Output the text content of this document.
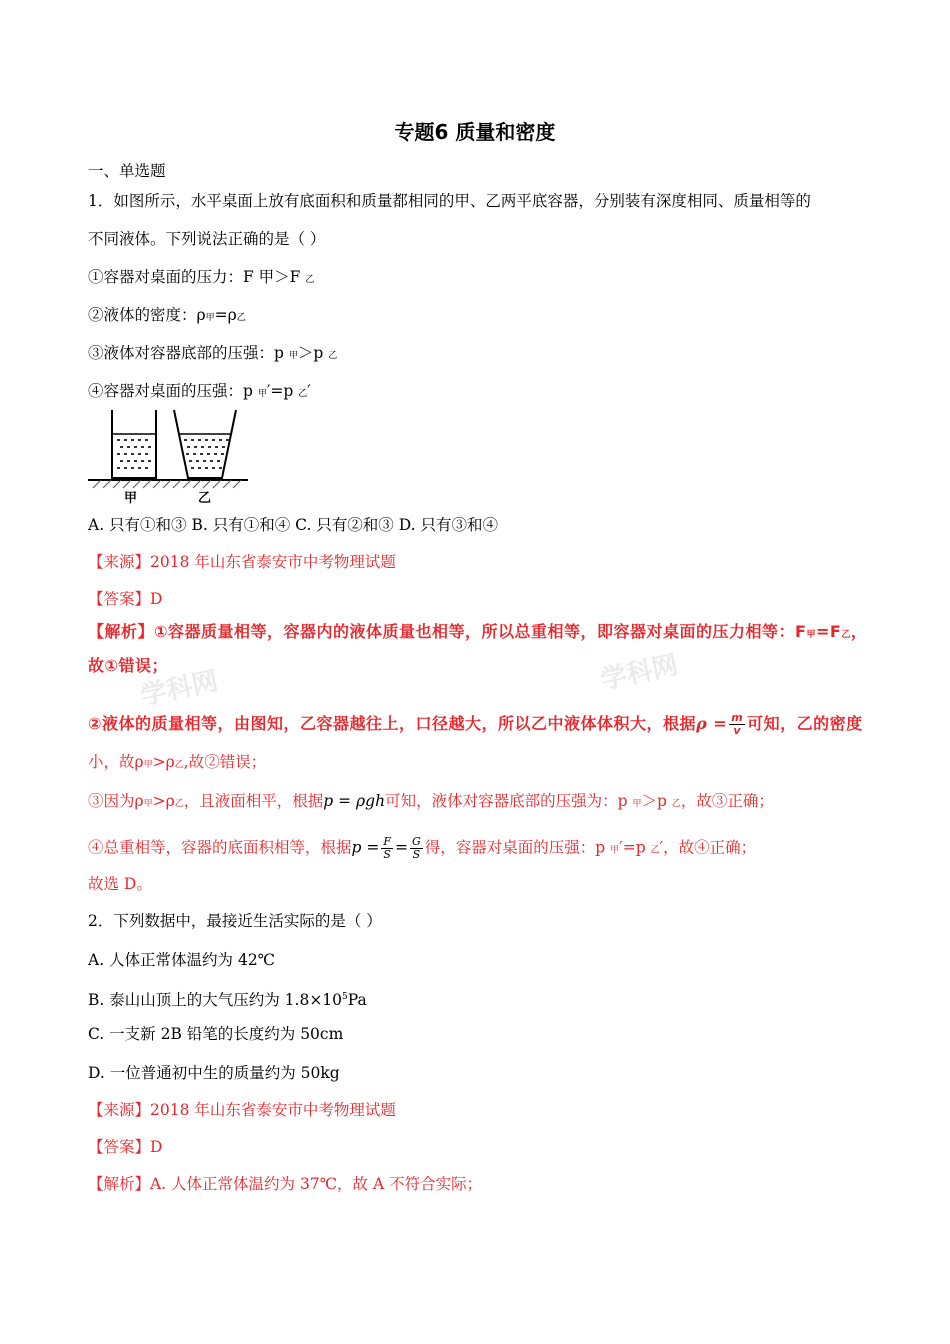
专题6 质量和密度
一、单选题
1．如图所示，水平桌面上放有底面积和质量都相同的甲、乙两平底容器，分别装有深度相同、质量相等的
不同液体。下列说法正确的是（ ）
①容器对桌面的压力：F 甲＞F 乙
②液体的密度：ρ甲=ρ乙
③液体对容器底部的压强：p 甲＞p 乙
④容器对桌面的压强：p 甲′=p 乙′
甲	乙
A. 只有①和③ B. 只有①和④ C. 只有②和③ D. 只有③和④
【来源】2018 年山东省泰安市中考物理试题
【答案】D
【解析】①容器质量相等，容器内的液体质量也相等，所以总重相等，即容器对桌面的压力相等：F甲=F乙，
故①错误；
学科网	学科网
②液体的质量相等，由图知，乙容器越往上，口径越大，所以乙中液体体积大，根据$\rho = \frac{m}{v}$ 可知，乙的密度
小，故ρ甲>ρ乙,故②错误；
③因为ρ甲>ρ乙，且液面相平，根据p = ρgh可知，液体对容器底部的压强为：p 甲＞p 乙，故③正确；
④总重相等，容器的底面积相等，根据$p = \frac{F}{S} = \frac{G}{S}$ 得，容器对桌面的压强：p 甲′=p 乙′，故④正确；
故选 D。
2．下列数据中，最接近生活实际的是（ ）
A. 人体正常体温约为 42℃
B. 泰山山顶上的大气压约为 $1.8\times 10^5Pa$
C. 一支新 2B 铅笔的长度约为 50cm
D. 一位普通初中生的质量约为 50kg
【来源】2018 年山东省泰安市中考物理试题
【答案】D
【解析】A. 人体正常体温约为 37℃，故 A 不符合实际；
